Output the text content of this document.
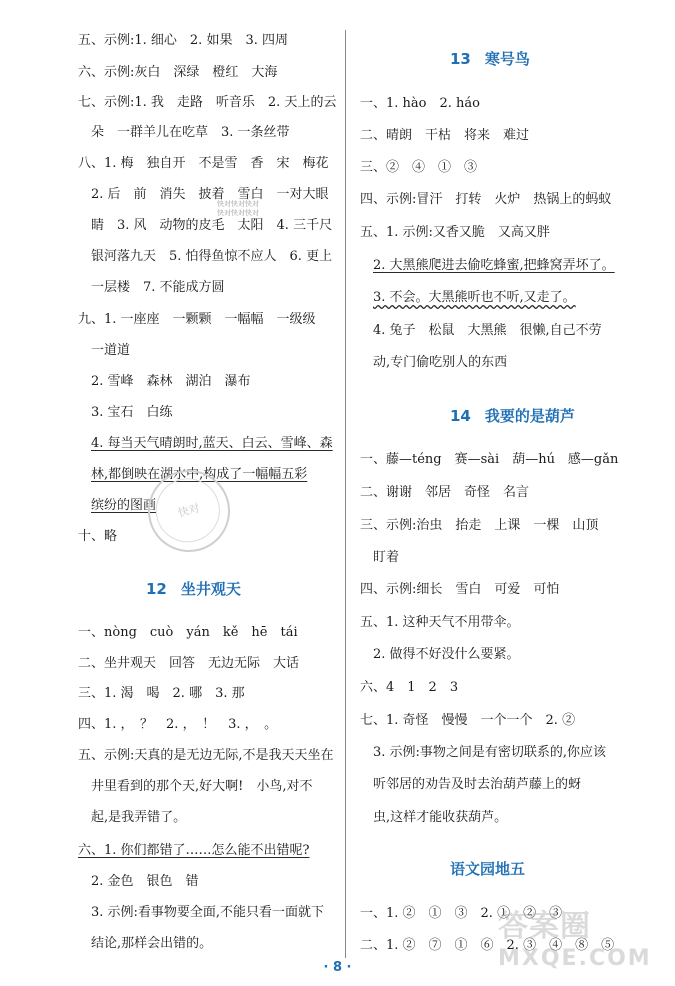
五、示例:1. 细心　2. 如果　3. 四周
六、示例:灰白　深绿　橙红　大海
七、示例:1. 我　走路　听音乐　2. 天上的云
朵　一群羊儿在吃草　3. 一条丝带
八、1. 梅　独自开　不是雪　香　宋　梅花
2. 后　前　消失　披着　雪白　一对大眼
睛　3. 风　动物的皮毛　太阳　4. 三千尺
银河落九天　5. 怕得鱼惊不应人　6. 更上
一层楼　7. 不能成方圆
九、1. 一座座　一颗颗　一幅幅　一级级
一道道
2. 雪峰　森林　湖泊　瀑布
3. 宝石　白练
4. 每当天气晴朗时,蓝天、白云、雪峰、森
林,都倒映在湖水中,构成了一幅幅五彩
缤纷的图画
十、略
12 坐井观天
一、nòng　cuò　yán　kě　hē　tái
二、坐井观天　回答　无边无际　大话
三、1. 渴　喝　2. 哪　3. 那
四、1. ，　？　2. ，　！　3. ，　。
五、示例:天真的是无边无际,不是我天天坐在
井里看到的那个天,好大啊!　小鸟,对不
起,是我弄错了。
六、1. 你们都错了……怎么能不出错呢?
2. 金色　银色　错
3. 示例:看事物要全面,不能只看一面就下
结论,那样会出错的。
13 寒号鸟
一、1. hào　2. háo
二、晴朗　干枯　将来　难过
三、②　④　①　③
四、示例:冒汗　打转　火炉　热锅上的蚂蚁
五、1. 示例:又香又脆　又高又胖
2. 大黑熊爬进去偷吃蜂蜜,把蜂窝弄坏了。
3. 不会。大黑熊听也不听,又走了。
4. 兔子　松鼠　大黑熊　很懒,自己不劳
动,专门偷吃别人的东西
14 我要的是葫芦
一、藤—téng　赛—sài　葫—hú　感—gǎn
二、谢谢　邻居　奇怪　名言
三、示例:治虫　抬走　上课　一棵　山顶
盯着
四、示例:细长　雪白　可爱　可怕
五、1. 这种天气不用带伞。
2. 做得不好没什么要紧。
六、4　1　2　3
七、1. 奇怪　慢慢　一个一个　2. ②
3. 示例:事物之间是有密切联系的,你应该
听邻居的劝告及时去治葫芦藤上的蚜
虫,这样才能收获葫芦。
语文园地五
一、1. ②　①　③　2. ①　②　③
二、1. ②　⑦　①　⑥　2. ③　④　⑧　⑤
快对快对快对
快对快对快对
快对
答案圈
MXQE.COM
· 8 ·
